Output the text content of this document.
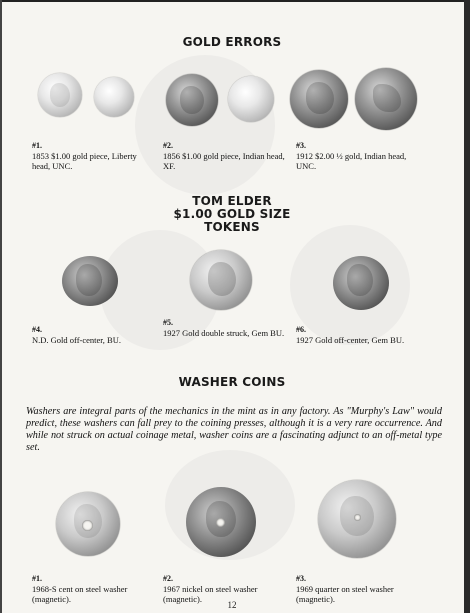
GOLD ERRORS
#1.
1853 $1.00 gold piece, Liberty head, UNC.
#2.
1856 $1.00 gold piece, Indian head, XF.
#3.
1912 $2.00 ½ gold, Indian head, UNC.
TOM ELDER
$1.00 GOLD SIZE
TOKENS
#4.
N.D. Gold off-center, BU.
#5.
1927 Gold double struck, Gem BU. #6.
1927 Gold off-center, Gem BU.
WASHER COINS
Washers are integral parts of the mechanics in the mint as in any factory. As "Murphy's Law" would predict, these washers can fall prey to the coining presses, although it is a very rare occurrence. And while not struck on actual coinage metal, washer coins are a fascinating adjunct to an off-metal type set.
#1.
1968-S cent on steel washer (magnetic).
#2.
1967 nickel on steel washer (magnetic).
#3.
1969 quarter on steel washer (magnetic).
12
